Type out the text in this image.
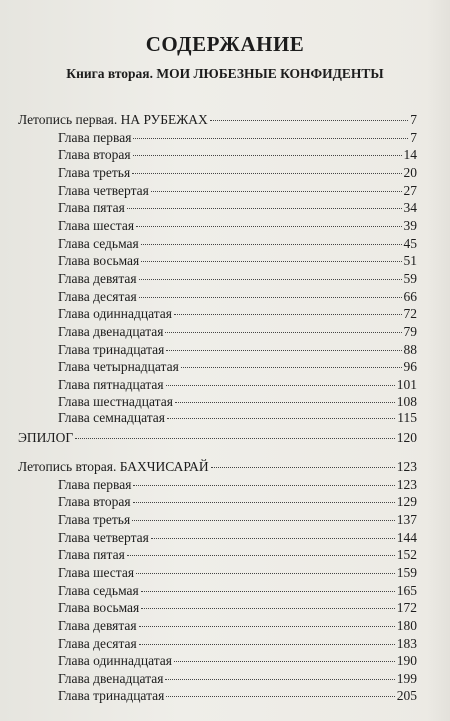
СОДЕРЖАНИЕ
Книга вторая. МОИ ЛЮБЕЗНЫЕ КОНФИДЕНТЫ
Летопись первая. НА РУБЕЖАХ	7
Глава первая	7
Глава вторая	14
Глава третья	20
Глава четвертая	27
Глава пятая	34
Глава шестая	39
Глава седьмая	45
Глава восьмая	51
Глава девятая	59
Глава десятая	66
Глава одиннадцатая	72
Глава двенадцатая	79
Глава тринадцатая	88
Глава четырнадцатая	96
Глава пятнадцатая	101
Глава шестнадцатая	108
Глава семнадцатая	115
ЭПИЛОГ	120
Летопись вторая. БАХЧИСАРАЙ	123
Глава первая	123
Глава вторая	129
Глава третья	137
Глава четвертая	144
Глава пятая	152
Глава шестая	159
Глава седьмая	165
Глава восьмая	172
Глава девятая	180
Глава десятая	183
Глава одиннадцатая	190
Глава двенадцатая	199
Глава тринадцатая	205
